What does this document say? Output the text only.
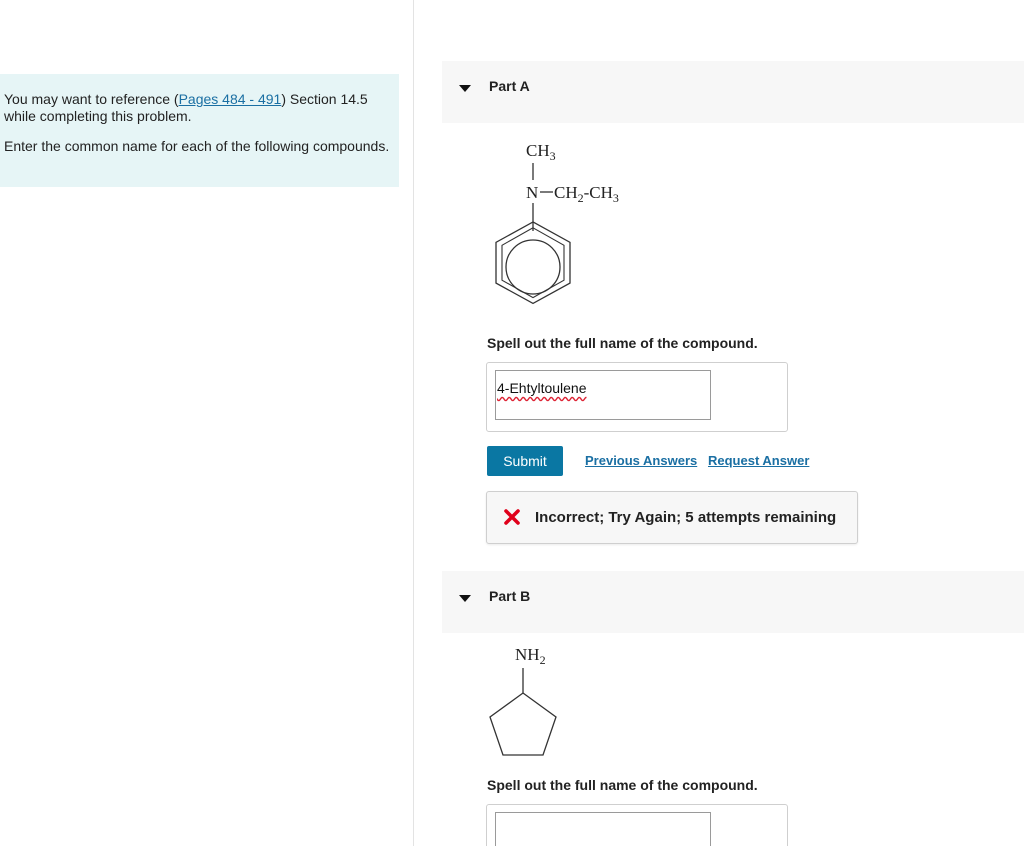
You may want to reference (Pages 484 - 491) Section 14.5 while completing this problem.

Enter the common name for each of the following compounds.

Part A
$CH_3$
N $CH_2-CH_3$
Spell out the full name of the compound.
4-Ehtyltoulene
Submit	Previous Answers Request Answer
Incorrect; Try Again; 5 attempts remaining
Part B
$NH_2$
Spell out the full name of the compound.
